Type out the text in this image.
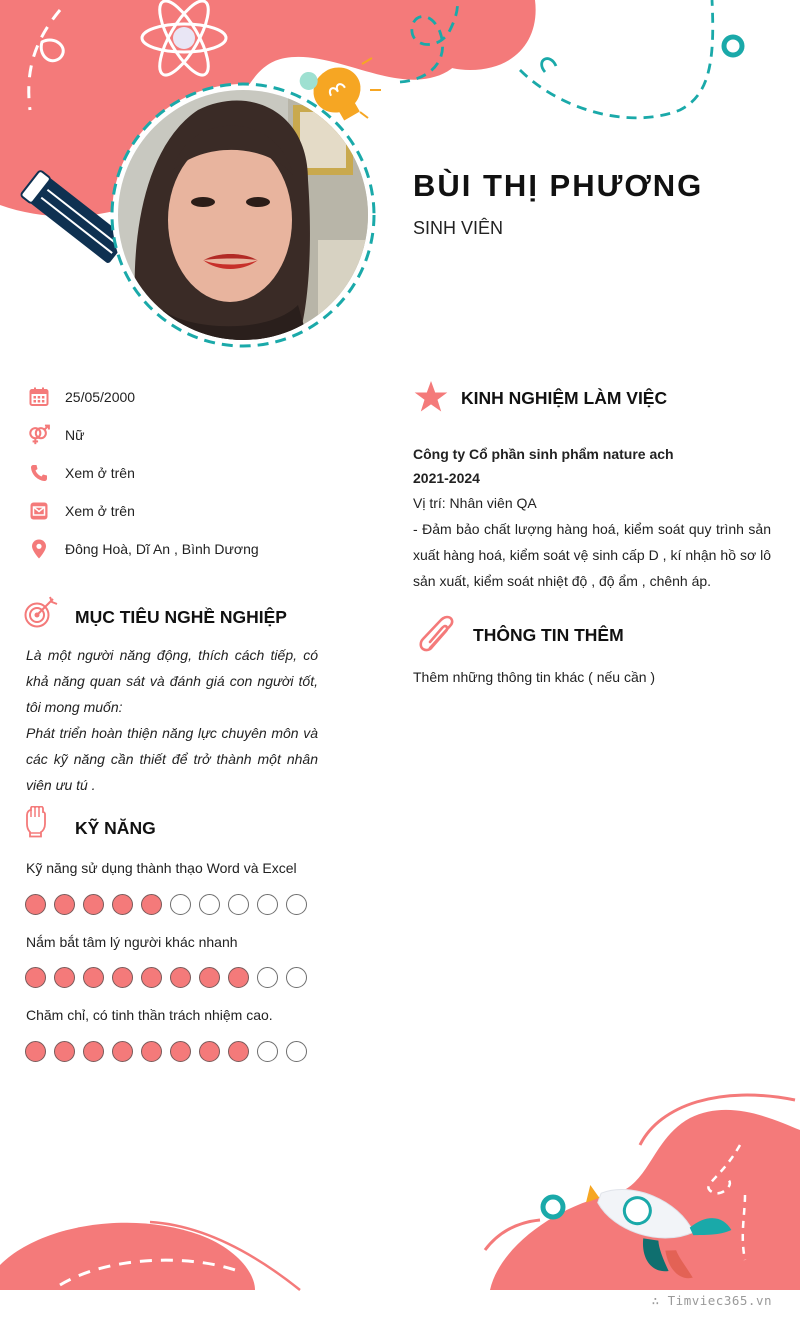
BÙI THỊ PHƯƠNG
SINH VIÊN
25/05/2000
Nữ
Xem ở trên
Xem ở trên
Đông Hoà, Dĩ An , Bình Dương
MỤC TIÊU NGHỀ NGHIỆP

Là một người năng động, thích cách tiếp, có khả năng quan sát và đánh giá con người tốt, tôi mong muốn:

Phát triển hoàn thiện năng lực chuyên môn và các kỹ năng cần thiết để trở thành một nhân viên ưu tú .

KỸ NĂNG
Kỹ năng sử dụng thành thạo Word và Excel
Nắm bắt tâm lý người khác nhanh
Chăm chỉ, có tinh thần trách nhiệm cao.
KINH NGHIỆM LÀM VIỆC
Công ty Cổ phần sinh phẩm nature ach
2021-2024
Vị trí: Nhân viên QA
- Đảm bảo chất lượng hàng hoá, kiểm soát quy trình sản xuất hàng hoá, kiểm soát vệ sinh cấp D , kí nhận hồ sơ lô sản xuất, kiểm soát nhiệt độ , độ ẩm , chênh áp.
THÔNG TIN THÊM
Thêm những thông tin khác ( nếu cần )
∴ Timviec365.vn
